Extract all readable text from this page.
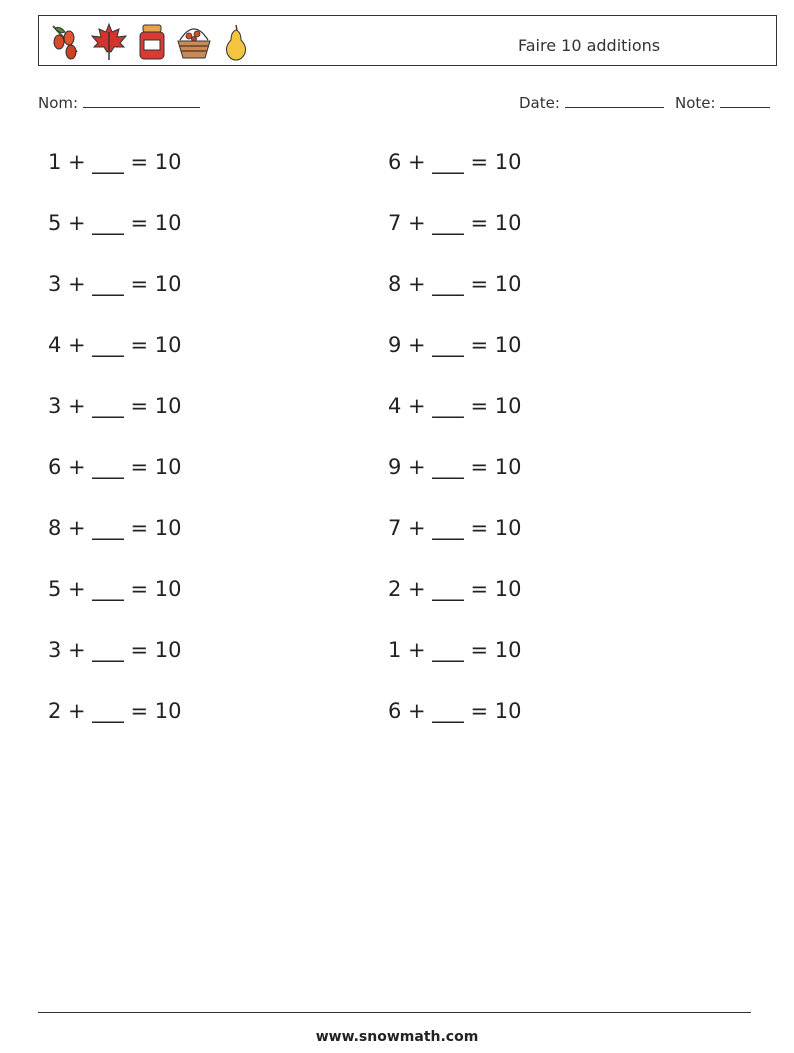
Faire 10 additions
Nom:	Date:	Note:
1 + ___ = 10
5 + ___ = 10
3 + ___ = 10
4 + ___ = 10
3 + ___ = 10
6 + ___ = 10
8 + ___ = 10
5 + ___ = 10
3 + ___ = 10
2 + ___ = 10
6 + ___ = 10
7 + ___ = 10
8 + ___ = 10
9 + ___ = 10
4 + ___ = 10
9 + ___ = 10
7 + ___ = 10
2 + ___ = 10
1 + ___ = 10
6 + ___ = 10
www.snowmath.com
